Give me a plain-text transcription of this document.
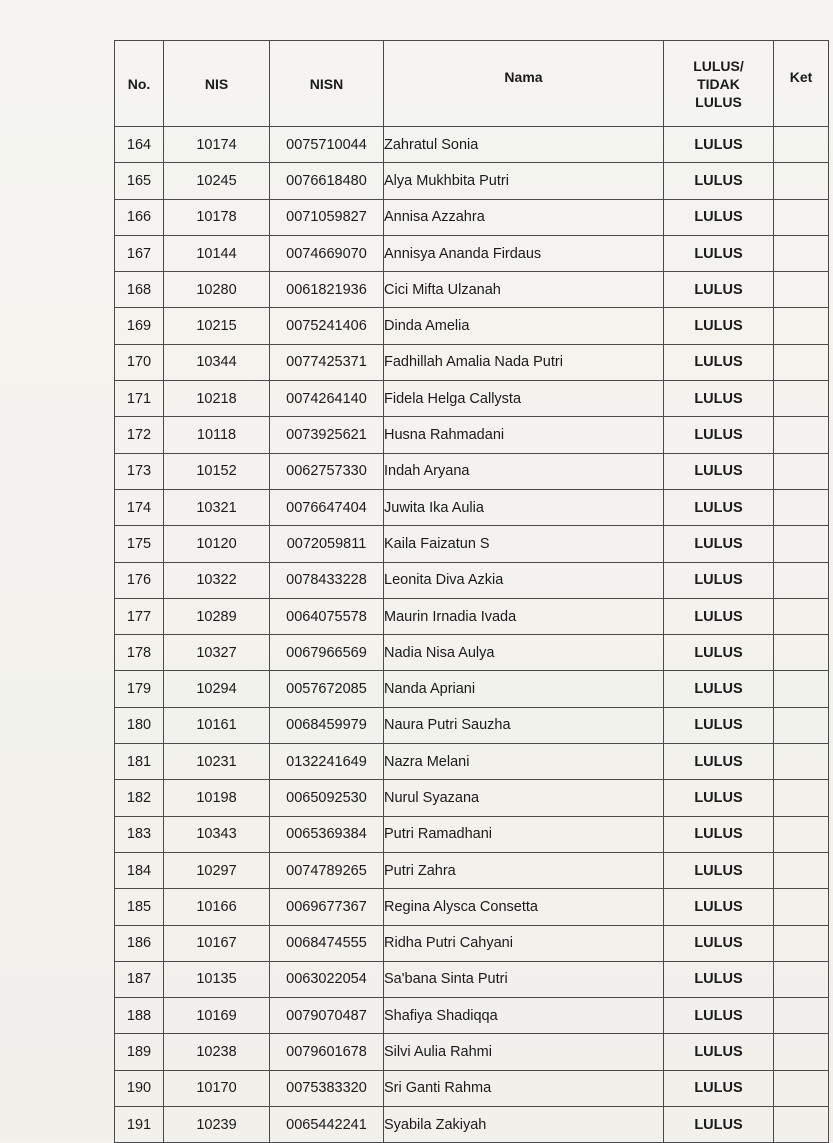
No.	NIS	NISN	Nama	LULUS/
TIDAK
LULUS	Ket
164	10174	0075710044	Zahratul Sonia	LULUS	
165	10245	0076618480	Alya Mukhbita Putri	LULUS	
166	10178	0071059827	Annisa Azzahra	LULUS	
167	10144	0074669070	Annisya Ananda Firdaus	LULUS	
168	10280	0061821936	Cici Mifta Ulzanah	LULUS	
169	10215	0075241406	Dinda Amelia	LULUS	
170	10344	0077425371	Fadhillah Amalia Nada Putri	LULUS	
171	10218	0074264140	Fidela Helga Callysta	LULUS	
172	10118	0073925621	Husna Rahmadani	LULUS	
173	10152	0062757330	Indah Aryana	LULUS	
174	10321	0076647404	Juwita Ika Aulia	LULUS	
175	10120	0072059811	Kaila Faizatun S	LULUS	
176	10322	0078433228	Leonita Diva Azkia	LULUS	
177	10289	0064075578	Maurin Irnadia Ivada	LULUS	
178	10327	0067966569	Nadia Nisa Aulya	LULUS	
179	10294	0057672085	Nanda Apriani	LULUS	
180	10161	0068459979	Naura Putri Sauzha	LULUS	
181	10231	0132241649	Nazra Melani	LULUS	
182	10198	0065092530	Nurul Syazana	LULUS	
183	10343	0065369384	Putri Ramadhani	LULUS	
184	10297	0074789265	Putri Zahra	LULUS	
185	10166	0069677367	Regina Alysca Consetta	LULUS	
186	10167	0068474555	Ridha Putri Cahyani	LULUS	
187	10135	0063022054	Sa'bana Sinta Putri	LULUS	
188	10169	0079070487	Shafiya Shadiqqa	LULUS	
189	10238	0079601678	Silvi Aulia Rahmi	LULUS	
190	10170	0075383320	Sri Ganti Rahma	LULUS	
191	10239	0065442241	Syabila Zakiyah	LULUS	
